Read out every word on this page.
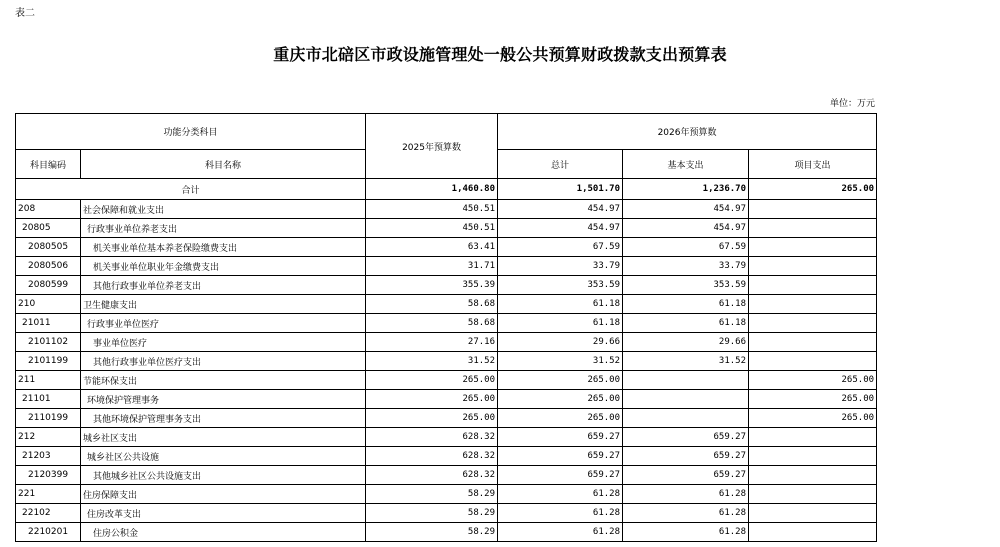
表二
重庆市北碚区市政设施管理处一般公共预算财政拨款支出预算表
单位：万元
功能分类科目		2025年预算数	2026年预算数		
科目编码	科目名称		总计	基本支出	项目支出
合计		1,460.80	1,501.70	1,236.70	265.00
208	社会保障和就业支出	450.51	454.97	454.97	
20805	行政事业单位养老支出	450.51	454.97	454.97	
2080505	机关事业单位基本养老保险缴费支出	63.41	67.59	67.59	
2080506	机关事业单位职业年金缴费支出	31.71	33.79	33.79	
2080599	其他行政事业单位养老支出	355.39	353.59	353.59	
210	卫生健康支出	58.68	61.18	61.18	
21011	行政事业单位医疗	58.68	61.18	61.18	
2101102	事业单位医疗	27.16	29.66	29.66	
2101199	其他行政事业单位医疗支出	31.52	31.52	31.52	
211	节能环保支出	265.00	265.00		265.00
21101	环境保护管理事务	265.00	265.00		265.00
2110199	其他环境保护管理事务支出	265.00	265.00		265.00
212	城乡社区支出	628.32	659.27	659.27	
21203	城乡社区公共设施	628.32	659.27	659.27	
2120399	其他城乡社区公共设施支出	628.32	659.27	659.27	
221	住房保障支出	58.29	61.28	61.28	
22102	住房改革支出	58.29	61.28	61.28	
2210201	住房公积金	58.29	61.28	61.28	
